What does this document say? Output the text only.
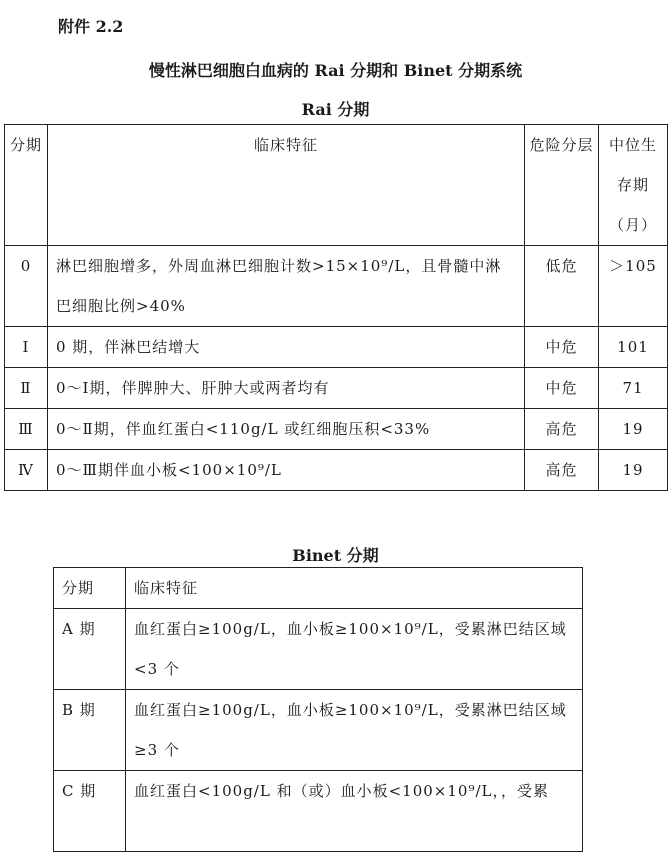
附件 2.2
慢性淋巴细胞白血病的 Rai 分期和 Binet 分期系统
Rai 分期
分期	临床特征	危险分层	中位生存期（月）
0	淋巴细胞增多，外周血淋巴细胞计数>15×10⁹/L，且骨髓中淋巴细胞比例>40%	低危	＞105
Ⅰ	0 期，伴淋巴结增大	中危	101
Ⅱ	0～Ⅰ期，伴脾肿大、肝肿大或两者均有	中危	71
Ⅲ	0～Ⅱ期，伴血红蛋白<110g/L 或红细胞压积<33%	高危	19
Ⅳ	0～Ⅲ期伴血小板<100×10⁹/L	高危	19
Binet 分期
分期	临床特征
A 期	血红蛋白≥100g/L，血小板≥100×10⁹/L，受累淋巴结区域<3 个
B 期	血红蛋白≥100g/L，血小板≥100×10⁹/L，受累淋巴结区域≥3 个
C 期	血红蛋白<100g/L 和（或）血小板<100×10⁹/L，，受累
